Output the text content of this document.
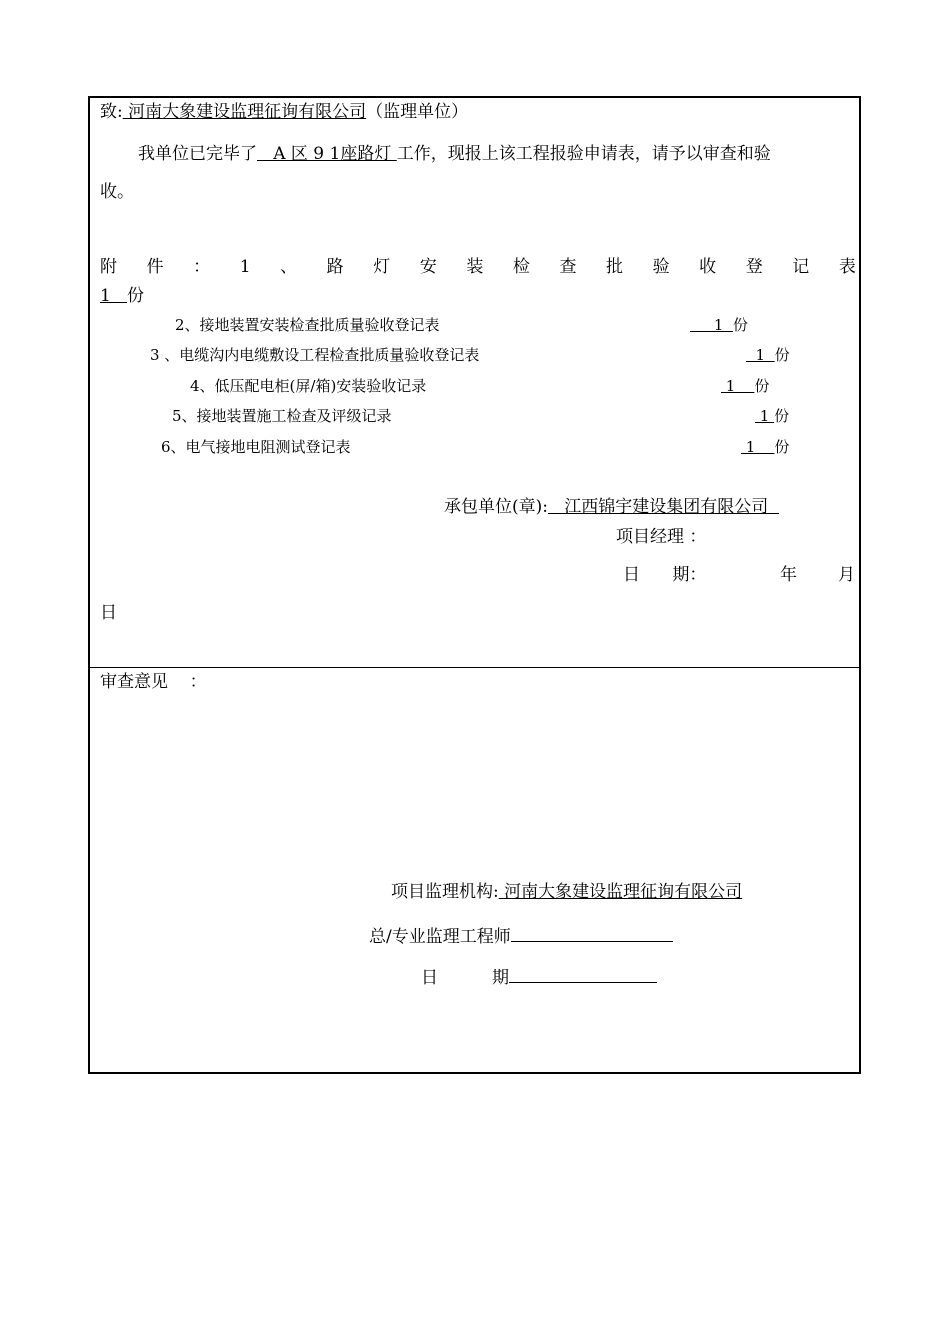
致: 河南大象建设监理征询有限公司（监理单位）
我单位已完毕了   A 区 9 1座路灯 工作，现报上该工程报验申请表，请予以审查和验
收。
附 件 ： 1 、 路 灯 安 装 检 查 批 验 收 登 记 表
1   份
2、接地装置安装检查批质量验收登记表	1  份
3 、电缆沟内电缆敷设工程检查批质量验收登记表	1  份
4、低压配电柜(屏/箱)安装验收记录	1    份
5、接地装置施工检查及评级记录	1 份
6、电气接地电阻测试登记表	1    份
承包单位(章):   江西锦宇建设集团有限公司
项目经理 ：
日      期：	年 月
日
审查意见    ：
项目监理机构: 河南大象建设监理征询有限公司
总/专业监理工程师
日          期
